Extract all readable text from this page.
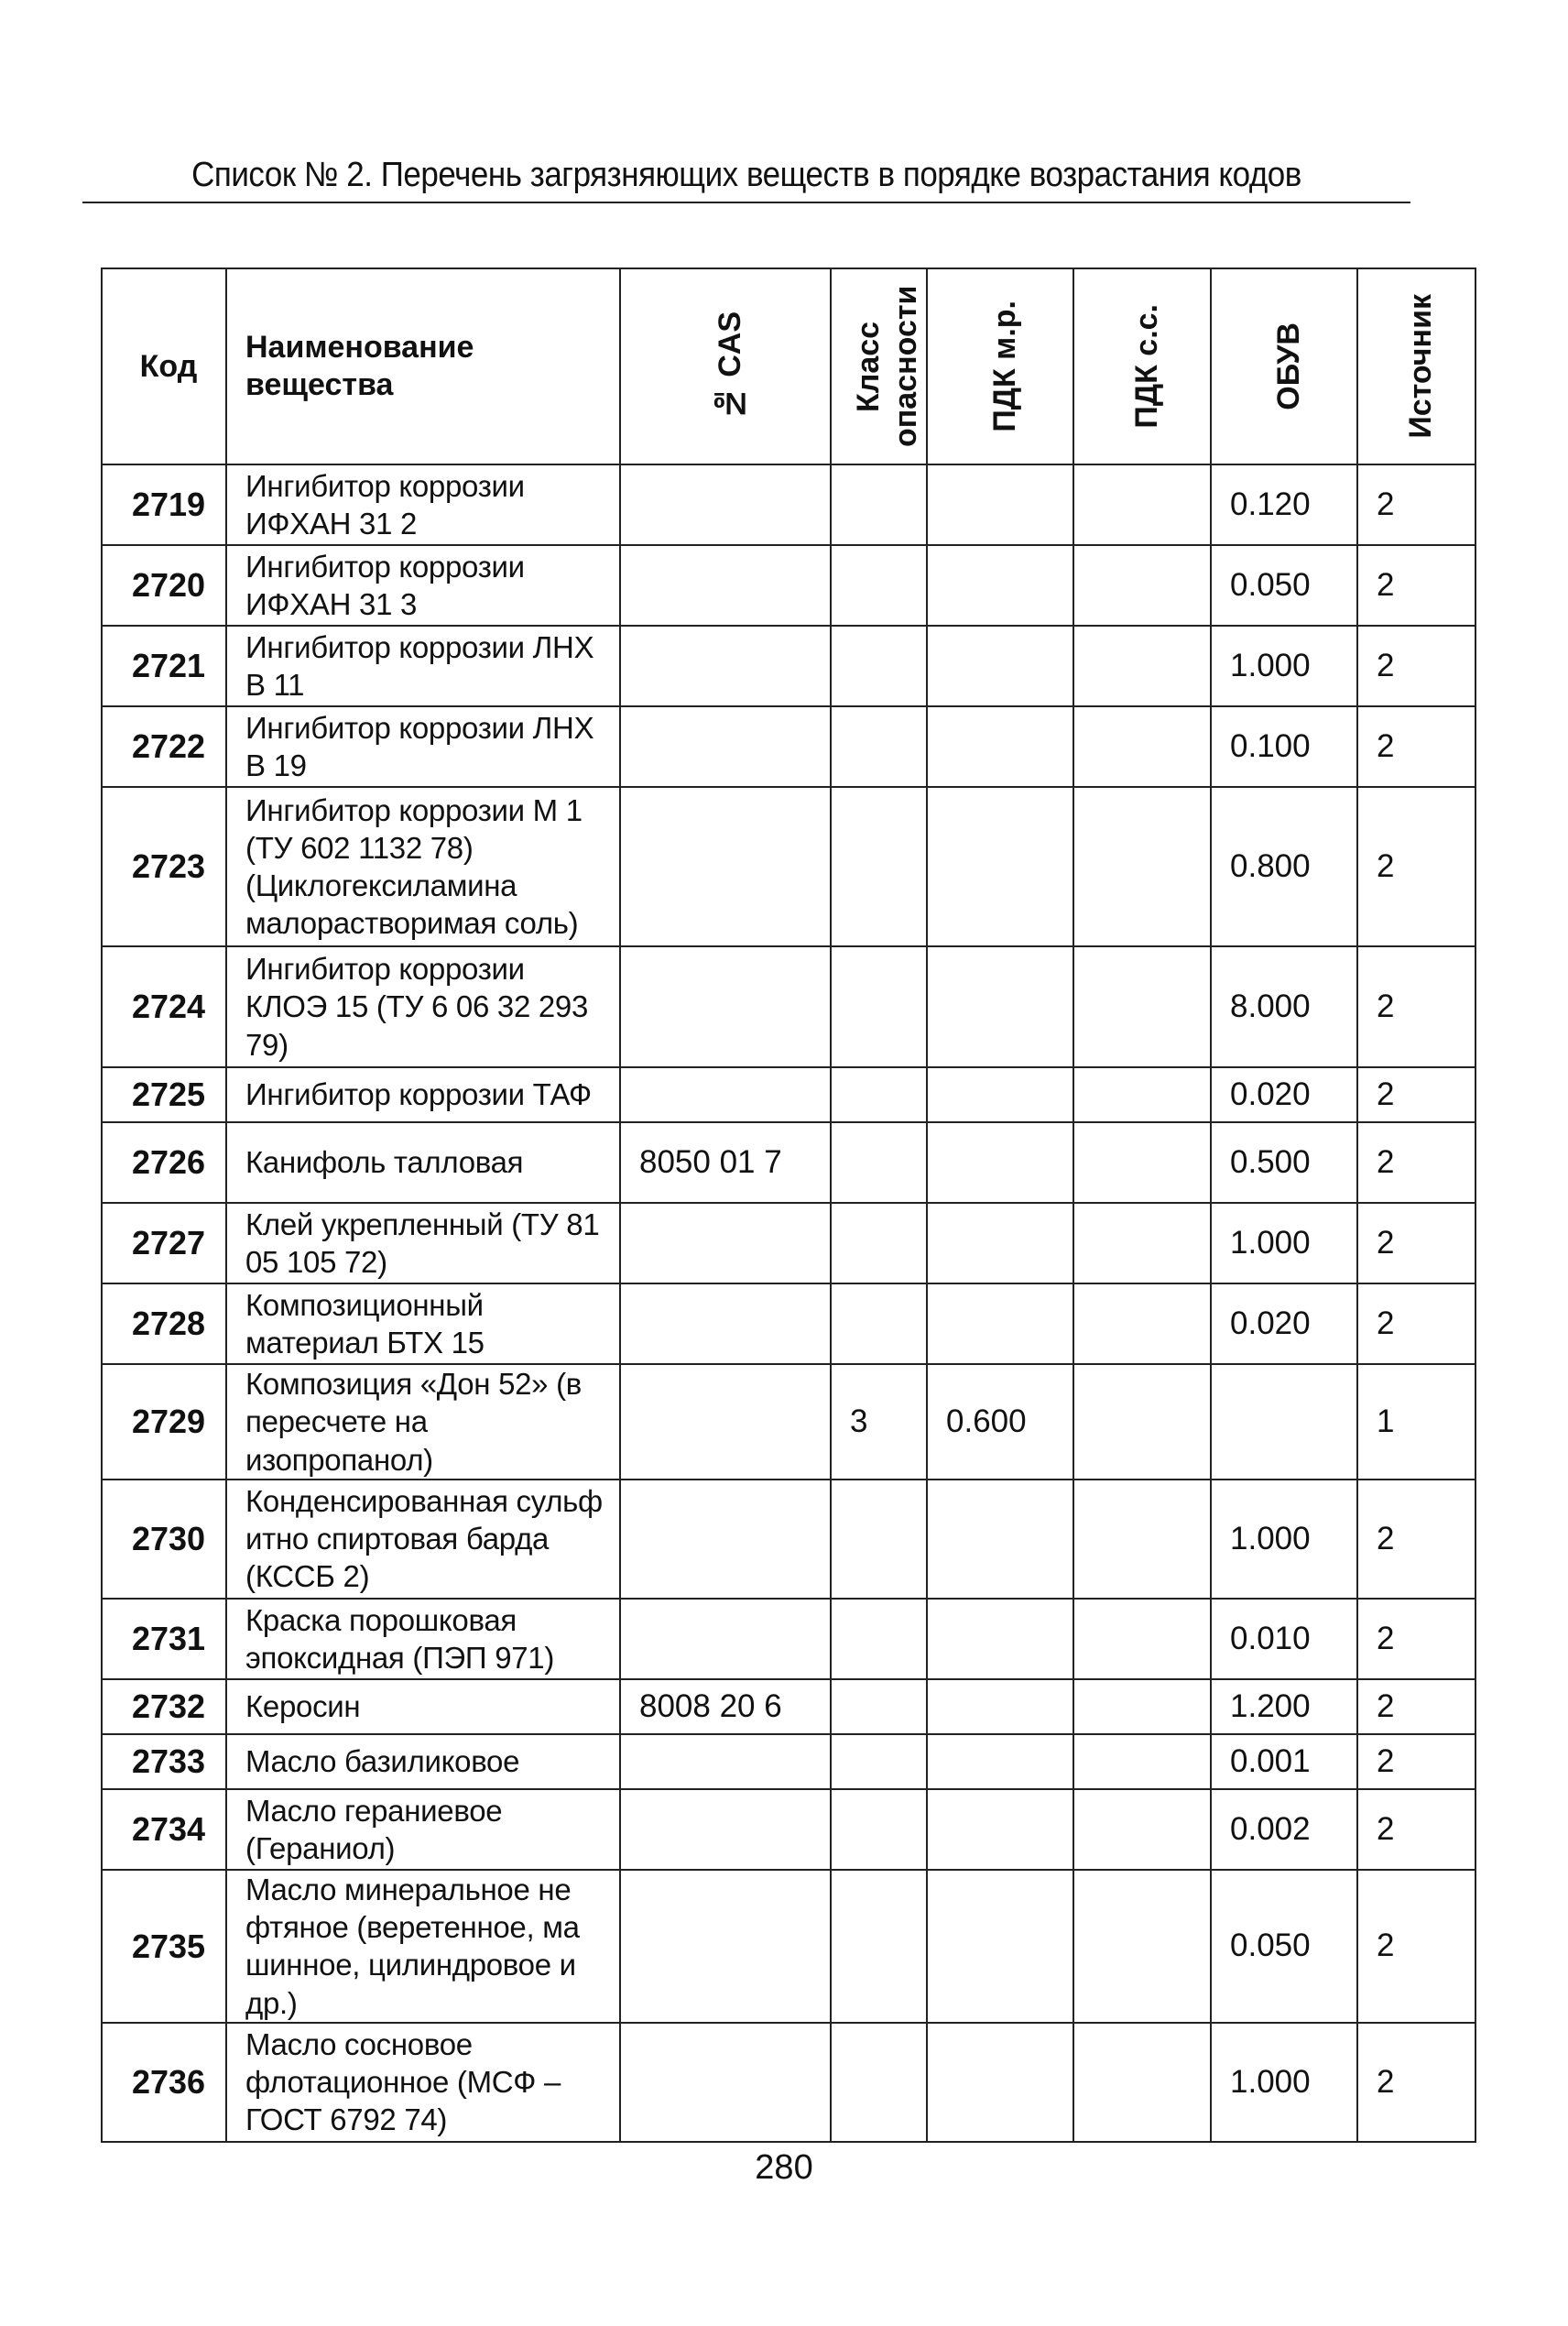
Список № 2. Перечень загрязняющих веществ в порядке возрастания кодов
Код	Наименование вещества	№ CAS	Класс опасности	ПДК м.р.	ПДК с.с.	ОБУВ	Источник

2719	Ингибитор коррозии ИФХАН 31 2					0.120	2
2720	Ингибитор коррозии ИФХАН 31 3					0.050	2
2721	Ингибитор коррозии ЛНХ В 11					1.000	2
2722	Ингибитор коррозии ЛНХ В 19					0.100	2
2723	Ингибитор коррозии М 1 (ТУ 602 1132 78) (Циклогексиламина малорастворимая соль)					0.800	2
2724	Ингибитор коррозии КЛОЭ 15 (ТУ 6 06 32 293 79)					8.000	2
2725	Ингибитор коррозии ТАФ					0.020	2
2726	Канифоль талловая	8050 01 7				0.500	2
2727	Клей укрепленный (ТУ 81 05 105 72)					1.000	2
2728	Композиционный материал БТХ 15					0.020	2
2729	Композиция «Дон 52» (в пересчете на изопропанол)		3	0.600			1
2730	Конденсированная сульф итно спиртовая барда (КССБ 2)					1.000	2
2731	Краска порошковая эпоксидная (ПЭП 971)					0.010	2
2732	Керосин	8008 20 6				1.200	2
2733	Масло базиликовое					0.001	2
2734	Масло гераниевое (Гераниол)					0.002	2
2735	Масло минеральное не фтяное (веретенное, ма шинное, цилиндровое и др.)					0.050	2
2736	Масло сосновое флотационное (МСФ – ГОСТ 6792 74)					1.000	2
280
